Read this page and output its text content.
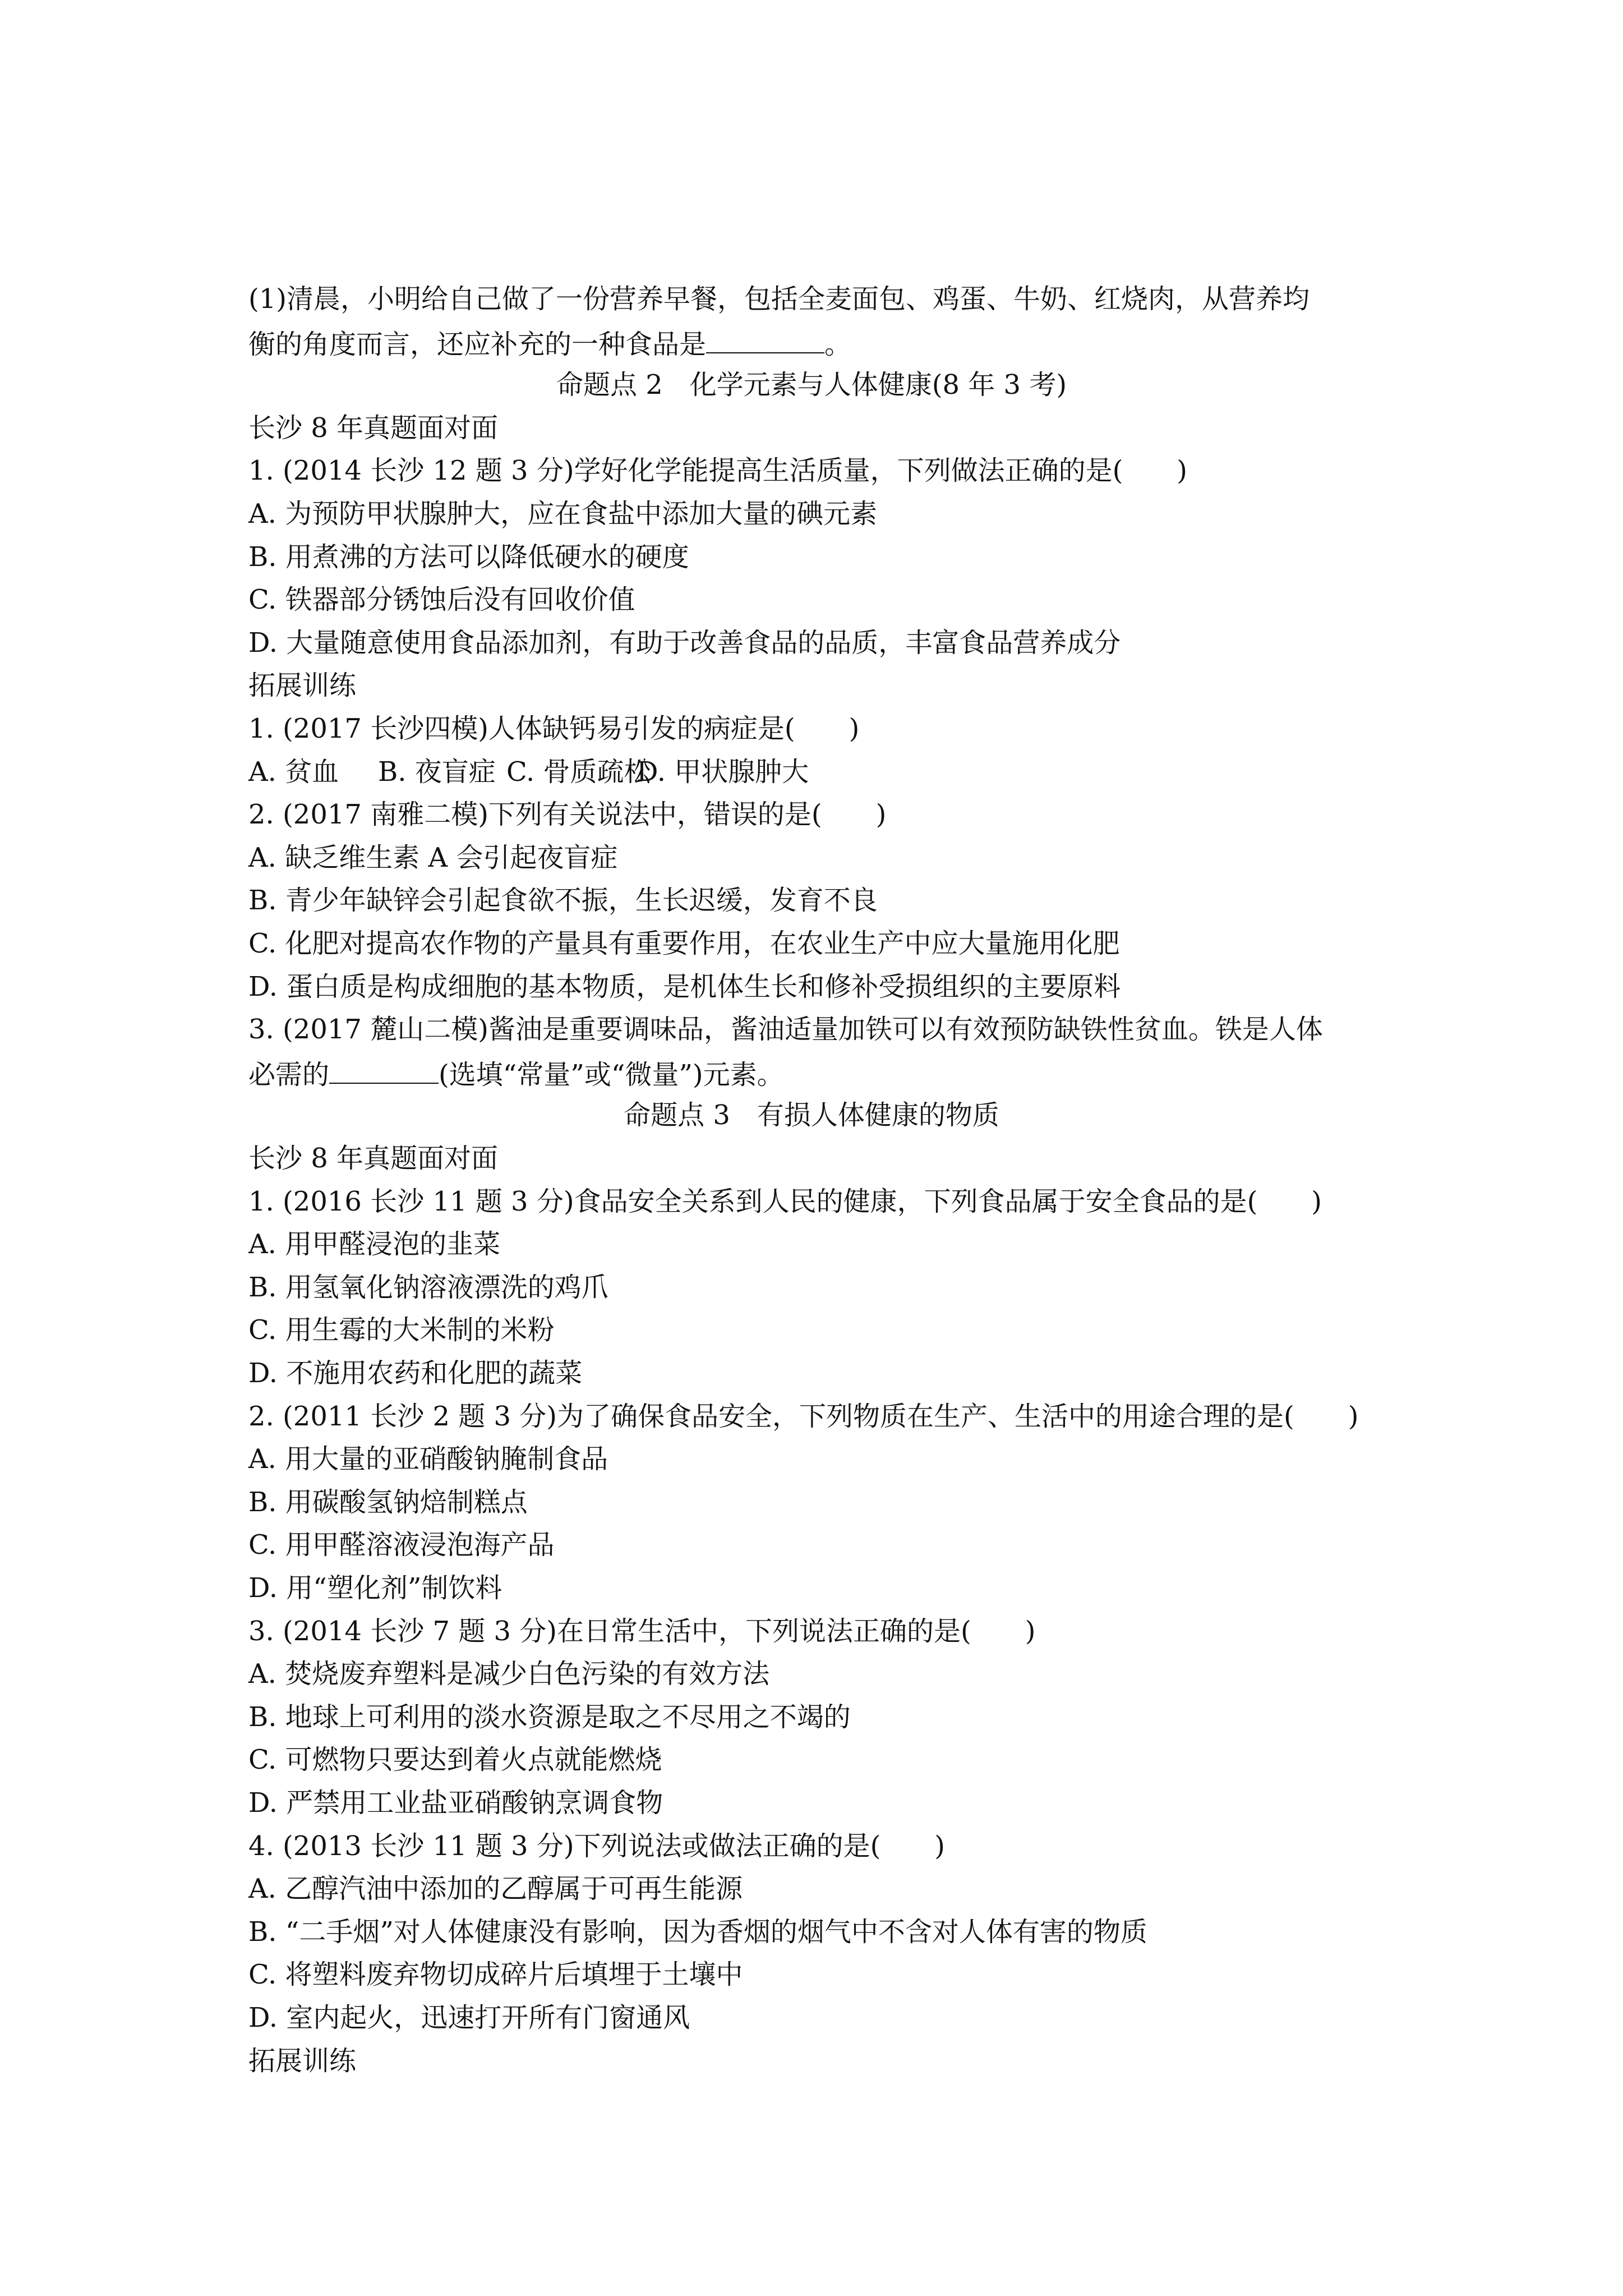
(1)清晨，小明给自己做了一份营养早餐，包括全麦面包、鸡蛋、牛奶、红烧肉，从营养均
衡的角度而言，还应补充的一种食品是	。
命题点 2　化学元素与人体健康(8 年 3 考)
长沙 8 年真题面对面
1. (2014 长沙 12 题 3 分)学好化学能提高生活质量，下列做法正确的是(　　)
A. 为预防甲状腺肿大，应在食盐中添加大量的碘元素
B. 用煮沸的方法可以降低硬水的硬度
C. 铁器部分锈蚀后没有回收价值
D. 大量随意使用食品添加剂，有助于改善食品的品质，丰富食品营养成分
拓展训练
1. (2017 长沙四模)人体缺钙易引发的病症是(　　)
A. 贫血 B. 夜盲症 C. 骨质疏松
D. 甲状腺肿大
2. (2017 南雅二模)下列有关说法中，错误的是(　　)
A. 缺乏维生素 A 会引起夜盲症
B. 青少年缺锌会引起食欲不振，生长迟缓，发育不良
C. 化肥对提高农作物的产量具有重要作用，在农业生产中应大量施用化肥
D. 蛋白质是构成细胞的基本物质，是机体生长和修补受损组织的主要原料
3. (2017 麓山二模)酱油是重要调味品，酱油适量加铁可以有效预防缺铁性贫血。铁是人体
必需的	(选填“常量”或“微量”)元素。
命题点 3　有损人体健康的物质
长沙 8 年真题面对面
1. (2016 长沙 11 题 3 分)食品安全关系到人民的健康，下列食品属于安全食品的是(　　)
A. 用甲醛浸泡的韭菜
B. 用氢氧化钠溶液漂洗的鸡爪
C. 用生霉的大米制的米粉
D. 不施用农药和化肥的蔬菜
2. (2011 长沙 2 题 3 分)为了确保食品安全，下列物质在生产、生活中的用途合理的是(　　)
A. 用大量的亚硝酸钠腌制食品
B. 用碳酸氢钠焙制糕点
C. 用甲醛溶液浸泡海产品
D. 用“塑化剂”制饮料
3. (2014 长沙 7 题 3 分)在日常生活中，下列说法正确的是(　　)
A. 焚烧废弃塑料是减少白色污染的有效方法
B. 地球上可利用的淡水资源是取之不尽用之不竭的
C. 可燃物只要达到着火点就能燃烧
D. 严禁用工业盐亚硝酸钠烹调食物
4. (2013 长沙 11 题 3 分)下列说法或做法正确的是(　　)
A. 乙醇汽油中添加的乙醇属于可再生能源
B. “二手烟”对人体健康没有影响，因为香烟的烟气中不含对人体有害的物质
C. 将塑料废弃物切成碎片后填埋于土壤中
D. 室内起火，迅速打开所有门窗通风
拓展训练
